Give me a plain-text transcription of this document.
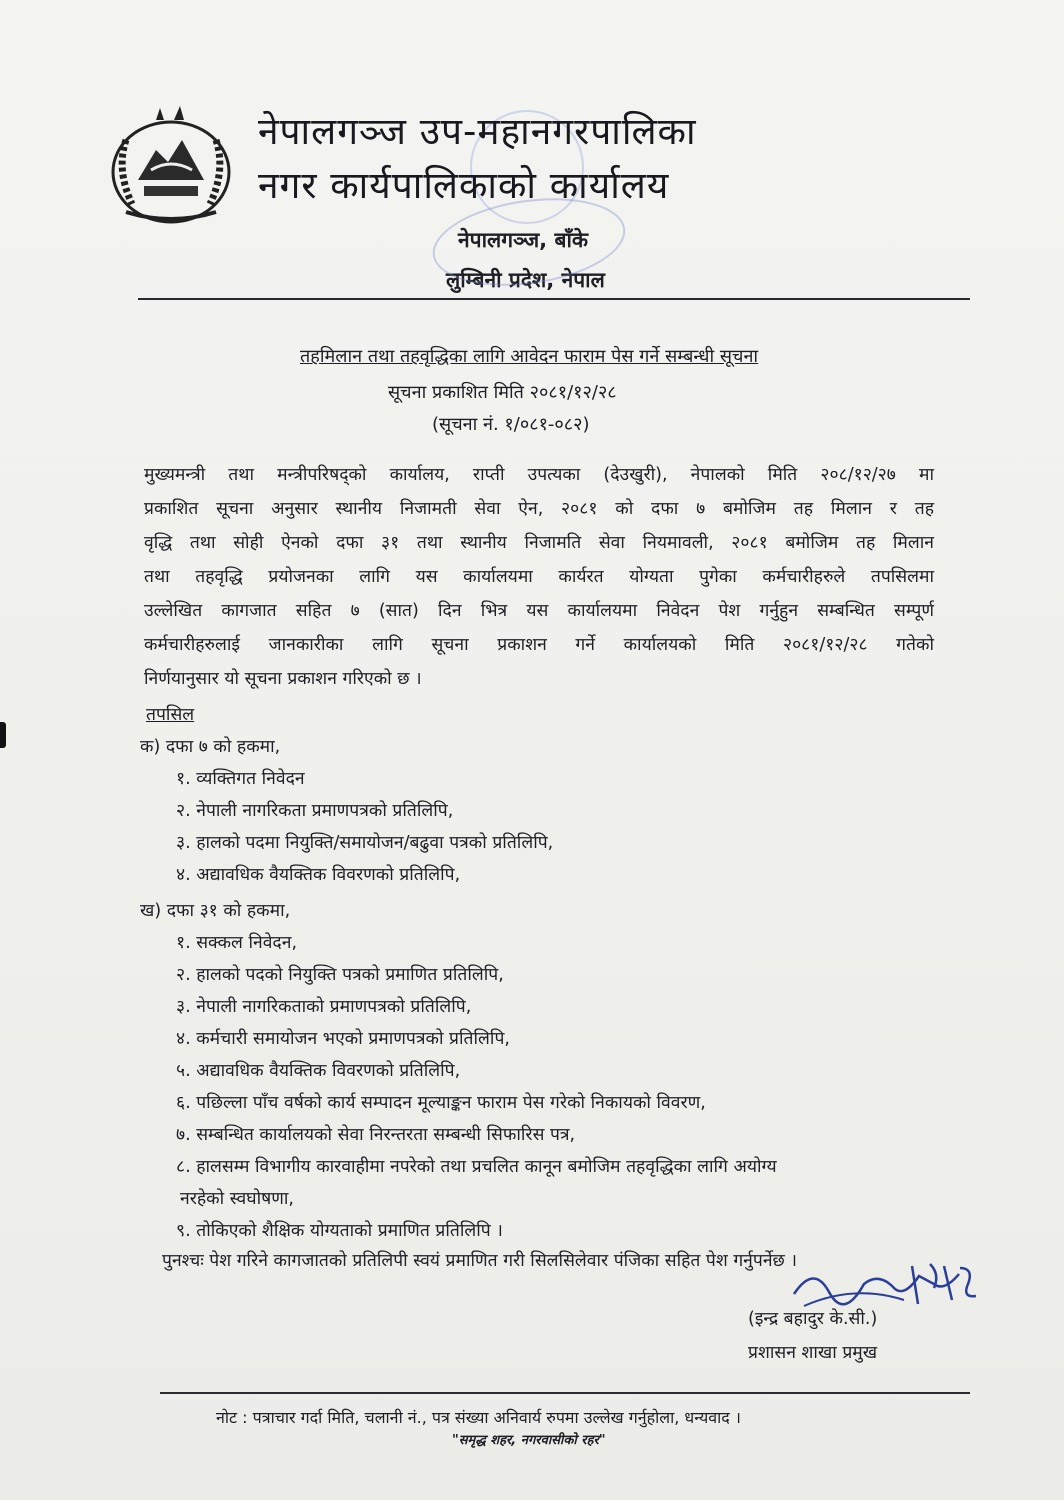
नेपालगञ्ज उप-महानगरपालिका
नगर कार्यपालिकाको कार्यालय
नेपालगञ्ज, बाँके
लुम्बिनी प्रदेश, नेपाल
तहमिलान तथा तहवृद्धिका लागि आवेदन फाराम पेस गर्ने सम्बन्धी सूचना
सूचना प्रकाशित मिति २०८१/१२/२८
(सूचना नं. १/०८१-०८२)
मुख्यमन्त्री तथा मन्त्रीपरिषद्को कार्यालय, राप्ती उपत्यका (देउखुरी), नेपालको मिति २०८/१२/२७ मा
प्रकाशित सूचना अनुसार स्थानीय निजामती सेवा ऐन, २०८१ को दफा ७ बमोजिम तह मिलान र तह
वृद्धि तथा सोही ऐनको दफा ३१ तथा स्थानीय निजामति सेवा नियमावली, २०८१ बमोजिम तह मिलान
तथा तहवृद्धि प्रयोजनका लागि यस कार्यालयमा कार्यरत योग्यता पुगेका कर्मचारीहरुले तपसिलमा
उल्लेखित कागजात सहित ७ (सात) दिन भित्र यस कार्यालयमा निवेदन पेश गर्नुहुन सम्बन्धित सम्पूर्ण
कर्मचारीहरुलाई जानकारीका लागि सूचना प्रकाशन गर्ने कार्यालयको मिति २०८१/१२/२८ गतेको
निर्णयानुसार यो सूचना प्रकाशन गरिएको छ ।
तपसिल
क) दफा ७ को हकमा,
१. व्यक्तिगत निवेदन
२. नेपाली नागरिकता प्रमाणपत्रको प्रतिलिपि,
३. हालको पदमा नियुक्ति/समायोजन/बढुवा पत्रको प्रतिलिपि,
४. अद्यावधिक वैयक्तिक विवरणको प्रतिलिपि,
ख) दफा ३१ को हकमा,
१. सक्कल निवेदन,
२. हालको पदको नियुक्ति पत्रको प्रमाणित प्रतिलिपि,
३. नेपाली नागरिकताको प्रमाणपत्रको प्रतिलिपि,
४. कर्मचारी समायोजन भएको प्रमाणपत्रको प्रतिलिपि,
५. अद्यावधिक वैयक्तिक विवरणको प्रतिलिपि,
६. पछिल्ला पाँच वर्षको कार्य सम्पादन मूल्याङ्कन फाराम पेस गरेको निकायको विवरण,
७. सम्बन्धित कार्यालयको सेवा निरन्तरता सम्बन्धी सिफारिस पत्र,
८. हालसम्म विभागीय कारवाहीमा नपरेको तथा प्रचलित कानून बमोजिम तहवृद्धिका लागि अयोग्य
नरहेको स्वघोषणा,
९. तोकिएको शैक्षिक योग्यताको प्रमाणित प्रतिलिपि ।
पुनश्चः पेश गरिने कागजातको प्रतिलिपी स्वयं प्रमाणित गरी सिलसिलेवार पंजिका सहित पेश गर्नुपर्नेछ ।
(इन्द्र बहादुर के.सी.)
प्रशासन शाखा प्रमुख
नोट : पत्राचार गर्दा मिति, चलानी नं., पत्र संख्या अनिवार्य रुपमा उल्लेख गर्नुहोला, धन्यवाद ।
"समृद्ध शहर, नगरवासीको रहर"
